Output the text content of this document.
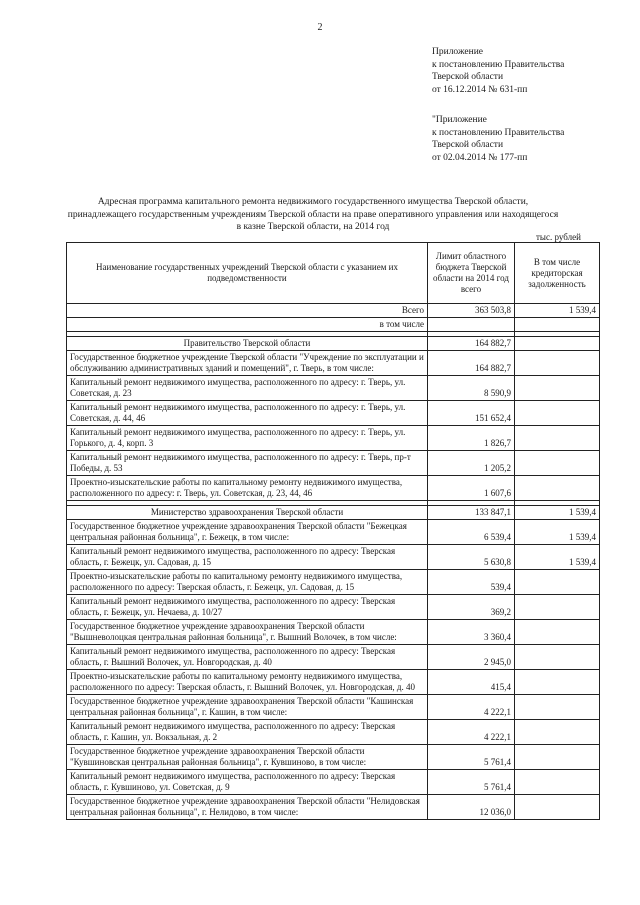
2
Приложение
к постановлению Правительства
Тверской области
от 16.12.2014 № 631-пп
"Приложение
к постановлению Правительства
Тверской области
от 02.04.2014 № 177-пп
Адресная программа капитального ремонта недвижимого государственного имущества Тверской области, принадлежащего государственным учреждениям Тверской области на праве оперативного управления или находящегося в казне Тверской области, на 2014 год
тыс. рублей
Наименование государственных учреждений Тверской области с указанием их подведомственности	Лимит областного бюджета Тверской области на 2014 год всего	В том числе кредиторская задолженность
Всего	363 503,8	1 539,4
в том числе		

Правительство Тверской области	164 882,7	
Государственное бюджетное учреждение Тверской области "Учреждение по эксплуатации и обслуживанию административных зданий и помещений", г. Тверь, в том числе:	164 882,7	
Капитальный ремонт недвижимого имущества, расположенного по адресу: г. Тверь, ул. Советская, д. 23	8 590,9	
Капитальный ремонт недвижимого имущества, расположенного по адресу: г. Тверь, ул. Советская, д. 44, 46	151 652,4	
Капитальный ремонт недвижимого имущества, расположенного по адресу: г. Тверь, ул. Горького, д. 4, корп. 3	1 826,7	
Капитальный ремонт недвижимого имущества, расположенного по адресу: г. Тверь, пр-т Победы, д. 53	1 205,2	
Проектно-изыскательские работы по капитальному ремонту недвижимого имущества, расположенного по адресу: г. Тверь, ул. Советская, д. 23, 44, 46	1 607,6	

Министерство здравоохранения Тверской области	133 847,1	1 539,4
Государственное бюджетное учреждение здравоохранения Тверской области "Бежецкая центральная районная больница", г. Бежецк, в том числе:	6 539,4	1 539,4
Капитальный ремонт недвижимого имущества, расположенного по адресу: Тверская область, г. Бежецк, ул. Садовая, д. 15	5 630,8	1 539,4
Проектно-изыскательские работы по капитальному ремонту недвижимого имущества, расположенного по адресу: Тверская область, г. Бежецк, ул. Садовая, д. 15	539,4	
Капитальный ремонт недвижимого имущества, расположенного по адресу: Тверская область, г. Бежецк, ул. Нечаева, д. 10/27	369,2	
Государственное бюджетное учреждение здравоохранения Тверской области "Вышневолоцкая центральная районная больница", г. Вышний Волочек, в том числе:	3 360,4	
Капитальный ремонт недвижимого имущества, расположенного по адресу: Тверская область, г. Вышний Волочек, ул. Новгородская, д. 40	2 945,0	
Проектно-изыскательские работы по капитальному ремонту недвижимого имущества, расположенного по адресу: Тверская область, г. Вышний Волочек, ул. Новгородская, д. 40	415,4	
Государственное бюджетное учреждение здравоохранения Тверской области "Кашинская центральная районная больница", г. Кашин, в том числе:	4 222,1	
Капитальный ремонт недвижимого имущества, расположенного по адресу: Тверская область, г. Кашин, ул. Вокзальная, д. 2	4 222,1	
Государственное бюджетное учреждение здравоохранения Тверской области "Кувшиновская центральная районная больница", г. Кувшиново, в том числе:	5 761,4	
Капитальный ремонт недвижимого имущества, расположенного по адресу: Тверская область, г. Кувшиново, ул. Советская, д. 9	5 761,4	
Государственное бюджетное учреждение здравоохранения Тверской области "Нелидовская центральная районная больница", г. Нелидово, в том числе:	12 036,0	
